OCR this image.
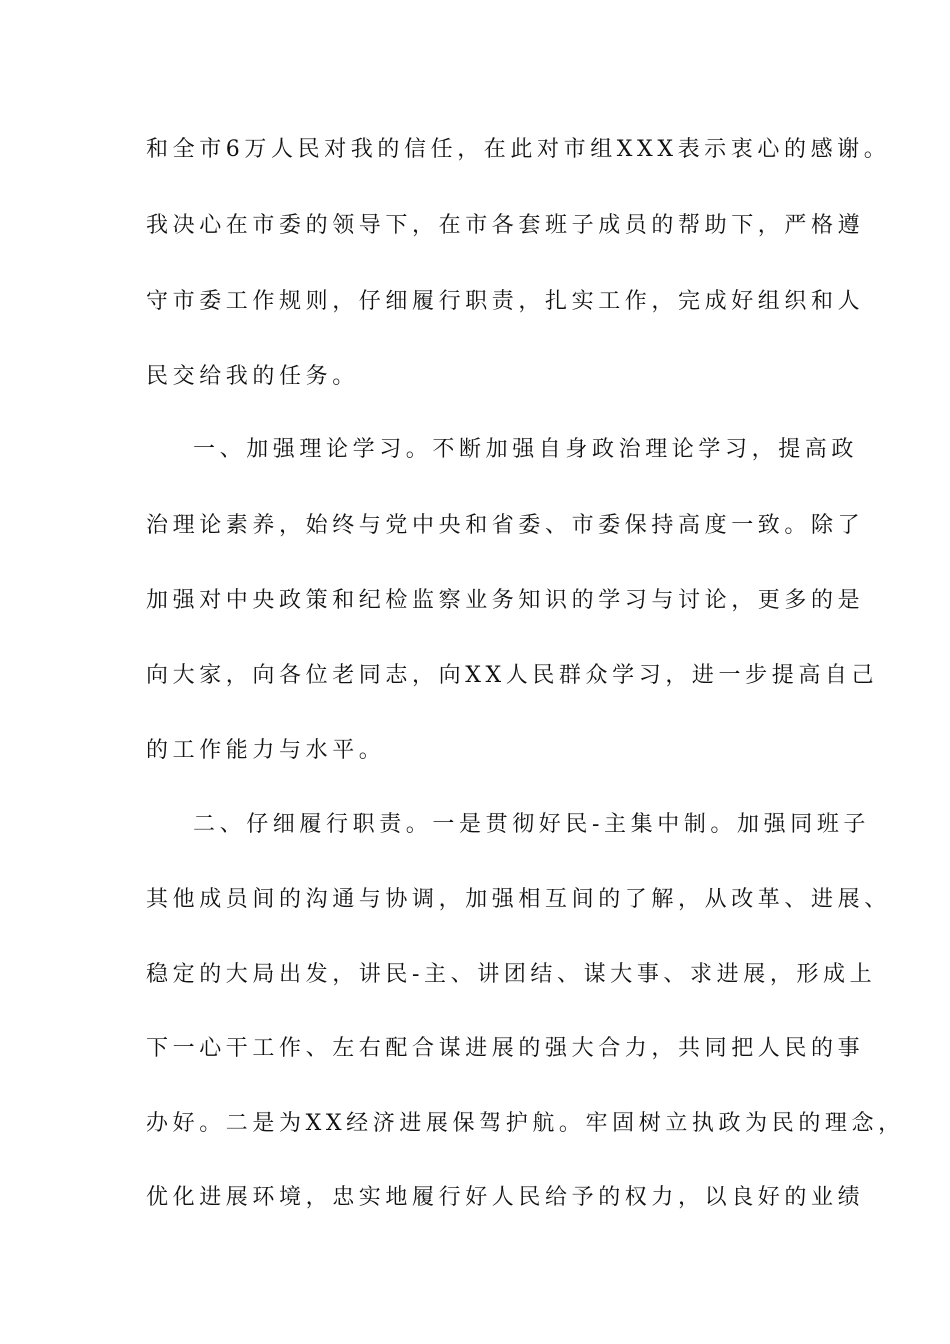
和全市6万人民对我的信任，在此对市组XXX表示衷心的感谢。
我决心在市委的领导下，在市各套班子成员的帮助下，严格遵
守市委工作规则，仔细履行职责，扎实工作，完成好组织和人
民交给我的任务。
一、加强理论学习。不断加强自身政治理论学习，提高政
治理论素养，始终与党中央和省委、市委保持高度一致。除了
加强对中央政策和纪检监察业务知识的学习与讨论，更多的是
向大家，向各位老同志，向XX人民群众学习，进一步提高自己
的工作能力与水平。
二、仔细履行职责。一是贯彻好民-主集中制。加强同班子
其他成员间的沟通与协调，加强相互间的了解，从改革、进展、
稳定的大局出发，讲民-主、讲团结、谋大事、求进展，形成上
下一心干工作、左右配合谋进展的强大合力，共同把人民的事
办好。二是为XX经济进展保驾护航。牢固树立执政为民的理念，
优化进展环境，忠实地履行好人民给予的权力，以良好的业绩
